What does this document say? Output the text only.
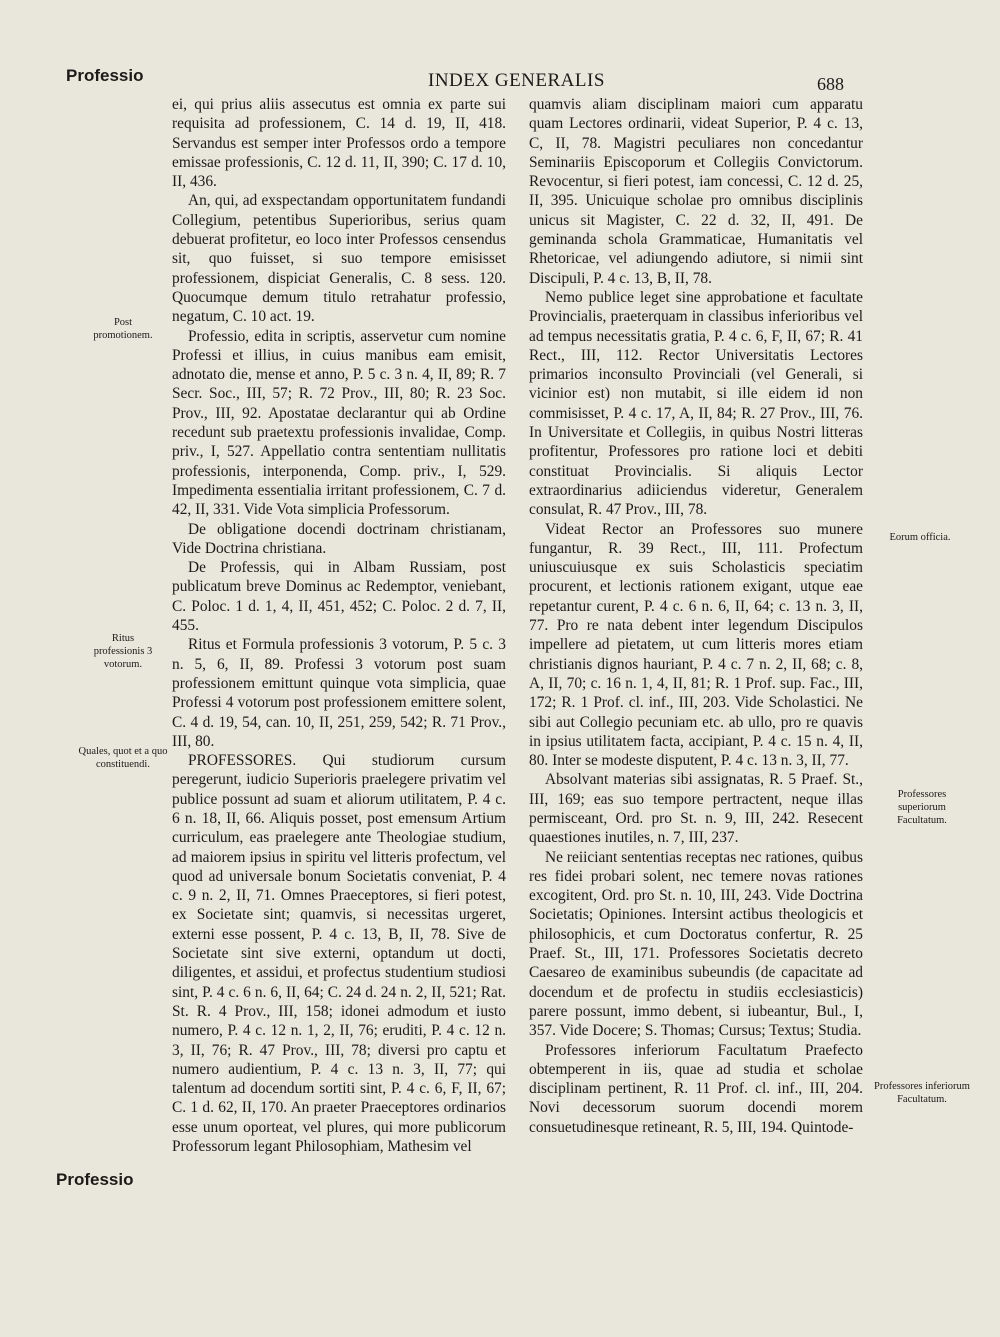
Professio	INDEX GENERALIS	688
Post promotionem.
Ritus professionis 3 votorum.
Quales, quot et a quo constituendi.
Eorum officia.
Professores superiorum Facultatum.
Professores inferiorum Facultatum.

ei, qui prius aliis assecutus est omnia ex parte sui requisita ad professionem, C. 14 d. 19, II, 418. Servandus est semper inter Professos ordo a tempore emissae professionis, C. 12 d. 11, II, 390; C. 17 d. 10, II, 436.

An, qui, ad exspectandam opportunitatem fundandi Collegium, petentibus Superioribus, serius quam debuerat profitetur, eo loco inter Professos censendus sit, quo fuisset, si suo tempore emisisset professionem, dispiciat Generalis, C. 8 sess. 120. Quocumque demum titulo retrahatur professio, negatum, C. 10 act. 19.

Professio, edita in scriptis, asservetur cum nomine Professi et illius, in cuius manibus eam emisit, adnotato die, mense et anno, P. 5 c. 3 n. 4, II, 89; R. 7 Secr. Soc., III, 57; R. 72 Prov., III, 80; R. 23 Soc. Prov., III, 92. Apostatae declarantur qui ab Ordine recedunt sub praetextu professionis invalidae, Comp. priv., I, 527. Appellatio contra sententiam nullitatis professionis, interponenda, Comp. priv., I, 529. Impedimenta essentialia irritant professionem, C. 7 d. 42, II, 331. Vide Vota simplicia Professorum.

De obligatione docendi doctrinam christianam, Vide Doctrina christiana.

De Professis, qui in Albam Russiam, post publicatum breve Dominus ac Redemptor, veniebant, C. Poloc. 1 d. 1, 4, II, 451, 452; C. Poloc. 2 d. 7, II, 455.

Ritus et Formula professionis 3 votorum, P. 5 c. 3 n. 5, 6, II, 89. Professi 3 votorum post suam professionem emittunt quinque vota simplicia, quae Professi 4 votorum post professionem emittere solent, C. 4 d. 19, 54, can. 10, II, 251, 259, 542; R. 71 Prov., III, 80.

PROFESSORES. Qui studiorum cursum peregerunt, iudicio Superioris praelegere privatim vel publice possunt ad suam et aliorum utilitatem, P. 4 c. 6 n. 18, II, 66. Aliquis posset, post emensum Artium curriculum, eas praelegere ante Theologiae studium, ad maiorem ipsius in spiritu vel litteris profectum, vel quod ad universale bonum Societatis conveniat, P. 4 c. 9 n. 2, II, 71. Omnes Praeceptores, si fieri potest, ex Societate sint; quamvis, si necessitas urgeret, externi esse possent, P. 4 c. 13, B, II, 78. Sive de Societate sint sive externi, optandum ut docti, diligentes, et assidui, et profectus studentium studiosi sint, P. 4 c. 6 n. 6, II, 64; C. 24 d. 24 n. 2, II, 521; Rat. St. R. 4 Prov., III, 158; idonei admodum et iusto numero, P. 4 c. 12 n. 1, 2, II, 76; eruditi, P. 4 c. 12 n. 3, II, 76; R. 47 Prov., III, 78; diversi pro captu et numero audientium, P. 4 c. 13 n. 3, II, 77; qui talentum ad docendum sortiti sint, P. 4 c. 6, F, II, 67; C. 1 d. 62, II, 170. An praeter Praeceptores ordinarios esse unum oporteat, vel plures, qui more publicorum Professorum legant Philosophiam, Mathesim vel

quamvis aliam disciplinam maiori cum apparatu quam Lectores ordinarii, videat Superior, P. 4 c. 13, C, II, 78. Magistri peculiares non concedantur Seminariis Episcoporum et Collegiis Convictorum. Revocentur, si fieri potest, iam concessi, C. 12 d. 25, II, 395. Unicuique scholae pro omnibus disciplinis unicus sit Magister, C. 22 d. 32, II, 491. De geminanda schola Grammaticae, Humanitatis vel Rhetoricae, vel adiungendo adiutore, si nimii sint Discipuli, P. 4 c. 13, B, II, 78.

Nemo publice leget sine approbatione et facultate Provincialis, praeterquam in classibus inferioribus vel ad tempus necessitatis gratia, P. 4 c. 6, F, II, 67; R. 41 Rect., III, 112. Rector Universitatis Lectores primarios inconsulto Provinciali (vel Generali, si vicinior est) non mutabit, si ille eidem id non commisisset, P. 4 c. 17, A, II, 84; R. 27 Prov., III, 76. In Universitate et Collegiis, in quibus Nostri litteras profitentur, Professores pro ratione loci et debiti constituat Provincialis. Si aliquis Lector extraordinarius adiiciendus videretur, Generalem consulat, R. 47 Prov., III, 78.

Videat Rector an Professores suo munere fungantur, R. 39 Rect., III, 111. Profectum uniuscuiusque ex suis Scholasticis speciatim procurent, et lectionis rationem exigant, utque eae repetantur curent, P. 4 c. 6 n. 6, II, 64; c. 13 n. 3, II, 77. Pro re nata debent inter legendum Discipulos impellere ad pietatem, ut cum litteris mores etiam christianis dignos hauriant, P. 4 c. 7 n. 2, II, 68; c. 8, A, II, 70; c. 16 n. 1, 4, II, 81; R. 1 Prof. sup. Fac., III, 172; R. 1 Prof. cl. inf., III, 203. Vide Scholastici. Ne sibi aut Collegio pecuniam etc. ab ullo, pro re quavis in ipsius utilitatem facta, accipiant, P. 4 c. 15 n. 4, II, 80. Inter se modeste disputent, P. 4 c. 13 n. 3, II, 77.

Absolvant materias sibi assignatas, R. 5 Praef. St., III, 169; eas suo tempore pertractent, neque illas permisceant, Ord. pro St. n. 9, III, 242. Resecent quaestiones inutiles, n. 7, III, 237.

Ne reiiciant sententias receptas nec rationes, quibus res fidei probari solent, nec temere novas rationes excogitent, Ord. pro St. n. 10, III, 243. Vide Doctrina Societatis; Opiniones. Intersint actibus theologicis et philosophicis, et cum Doctoratus confertur, R. 25 Praef. St., III, 171. Professores Societatis decreto Caesareo de examinibus subeundis (de capacitate ad docendum et de profectu in studiis ecclesiasticis) parere possunt, immo debent, si iubeantur, Bul., I, 357. Vide Docere; S. Thomas; Cursus; Textus; Studia.

Professores inferiorum Facultatum Praefecto obtemperent in iis, quae ad studia et scholae disciplinam pertinent, R. 11 Prof. cl. inf., III, 204. Novi decessorum suorum docendi morem consuetudinesque retineant, R. 5, III, 194. Quintode-

Professio
